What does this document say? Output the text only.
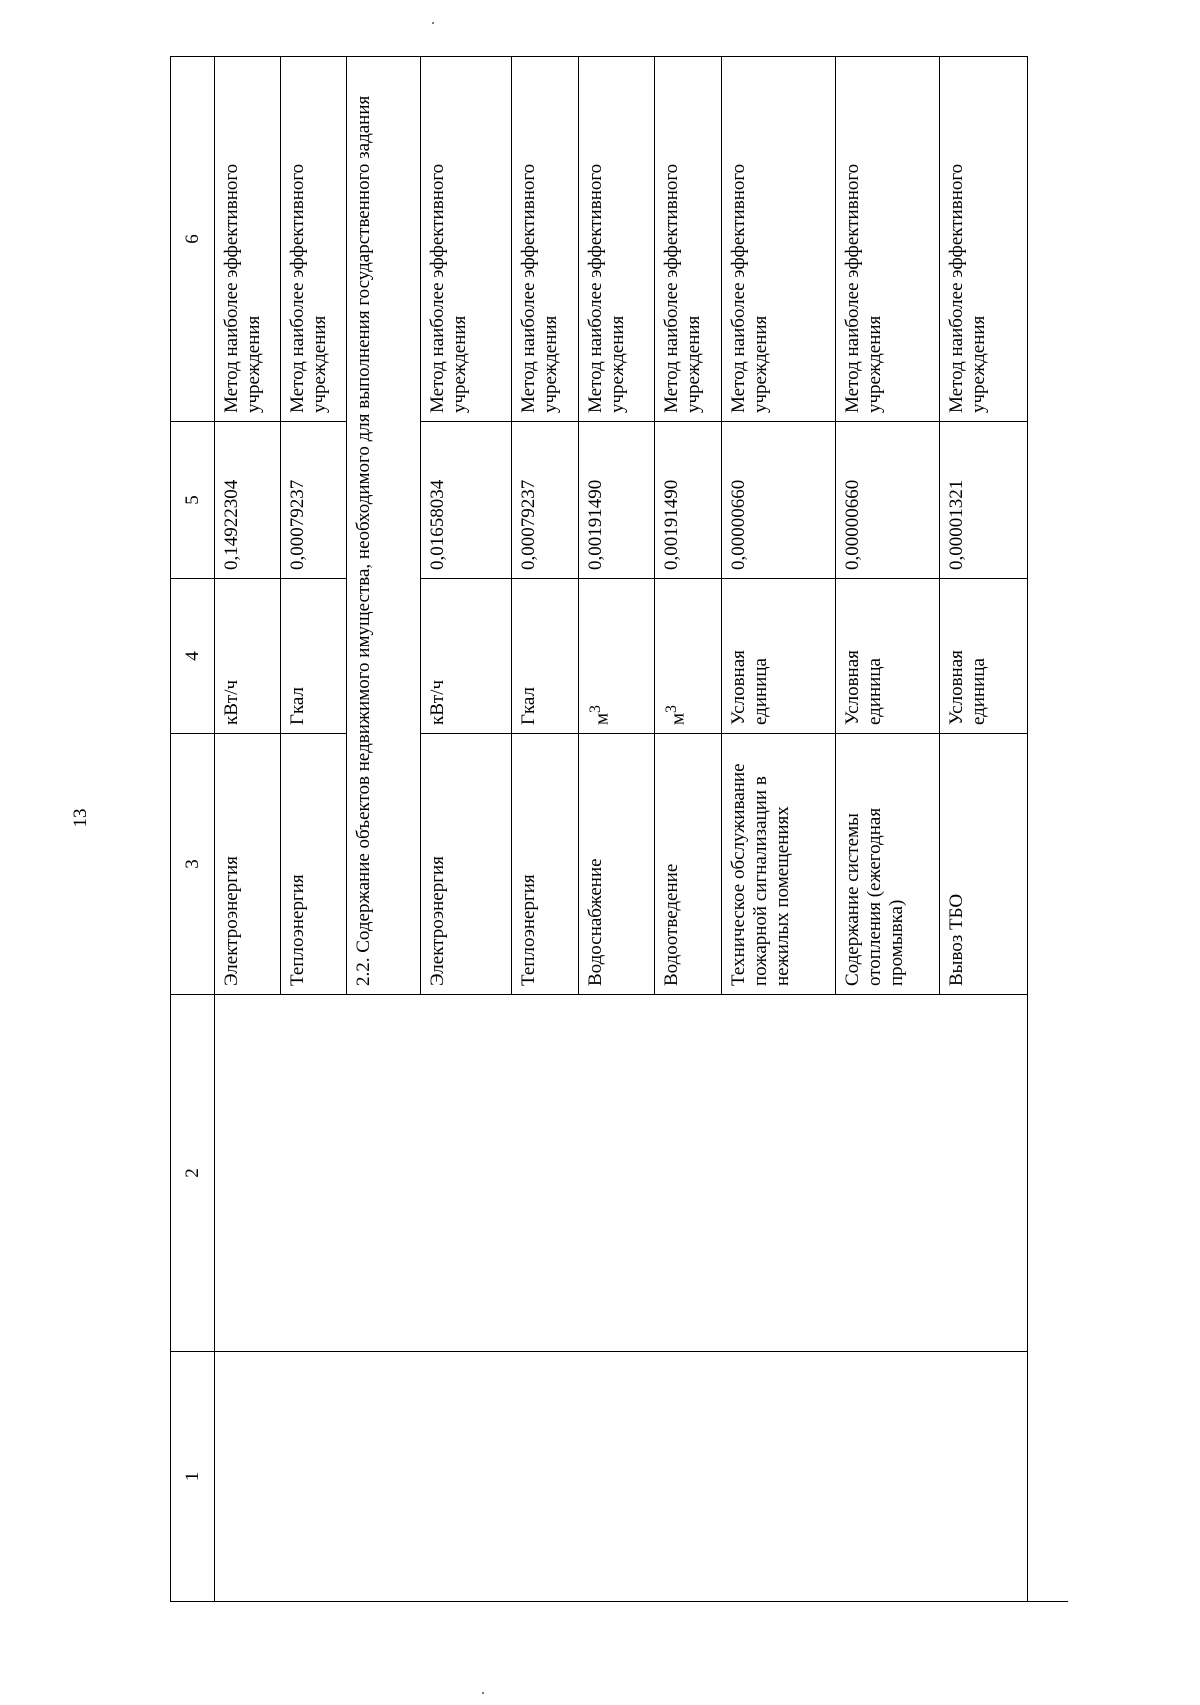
13
1	2	3	4	5	6
		Электроэнергия	кВт/ч	0,14922304	Метод наиболее эффективного учреждения
		Теплоэнергия	Гкал	0,00079237	Метод наиболее эффективного учреждения
		2.2. Содержание объектов недвижимого имущества, необходимого для выполнения государственного задания			
		Электроэнергия	кВт/ч	0,01658034	Метод наиболее эффективного учреждения
		Теплоэнергия	Гкал	0,00079237	Метод наиболее эффективного учреждения
		Водоснабжение	$м^3$	0,00191490	Метод наиболее эффективного учреждения
		Водоотведение	$м^3$	0,00191490	Метод наиболее эффективного учреждения
		Техническое обслуживание пожарной сигнализации в нежилых помещениях	Условная единица	0,00000660	Метод наиболее эффективного учреждения
		Содержание системы отопления (ежегодная промывка)	Условная единица	0,00000660	Метод наиболее эффективного учреждения
		Вывоз ТБО	Условная единица	0,00001321	Метод наиболее эффективного учреждения
